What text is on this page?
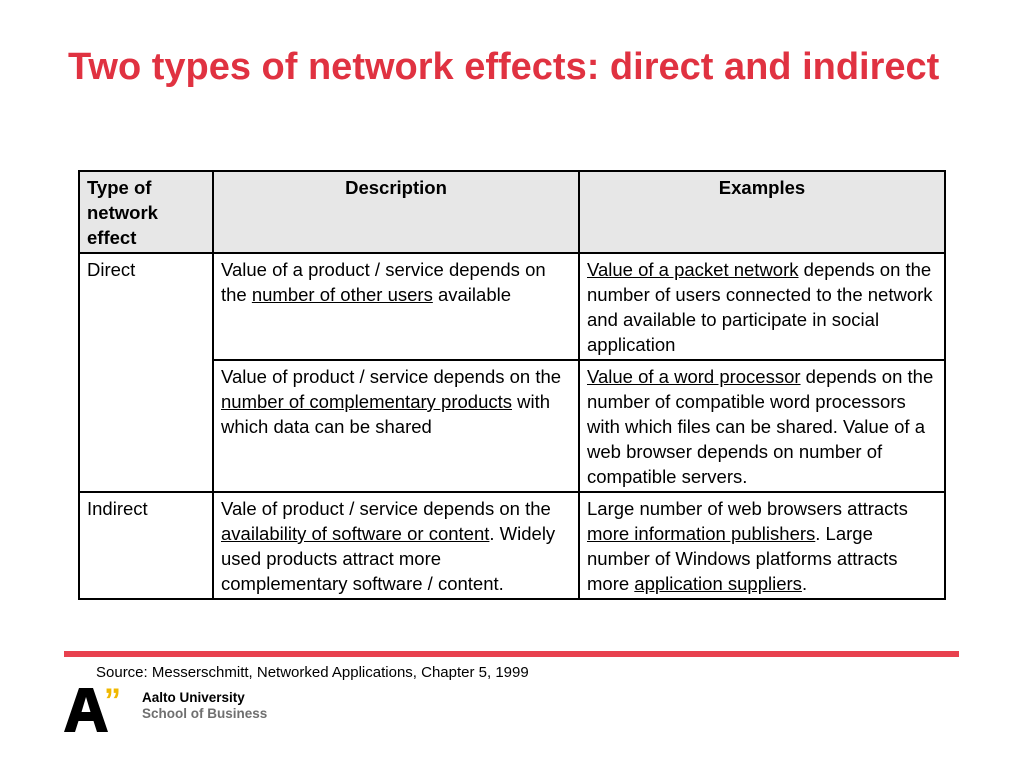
Two types of network effects: direct and indirect
Type of network effect	Description	Examples
Direct	Value of a product / service depends on the number of other users available	Value of a packet network depends on the number of users connected to the network and available to participate in social application
	Value of product / service depends on the number of complementary products with which data can be shared	Value of a word processor depends on the number of compatible word processors with which files can be shared. Value of a web browser depends on number of compatible servers.
Indirect	Vale of product / service depends on the availability of software or content. Widely used products attract more complementary software / content.	Large number of web browsers attracts more information publishers. Large number of Windows platforms attracts more application suppliers.
Source: Messerschmitt, Networked Applications, Chapter 5, 1999
” Aalto University
School of Business
